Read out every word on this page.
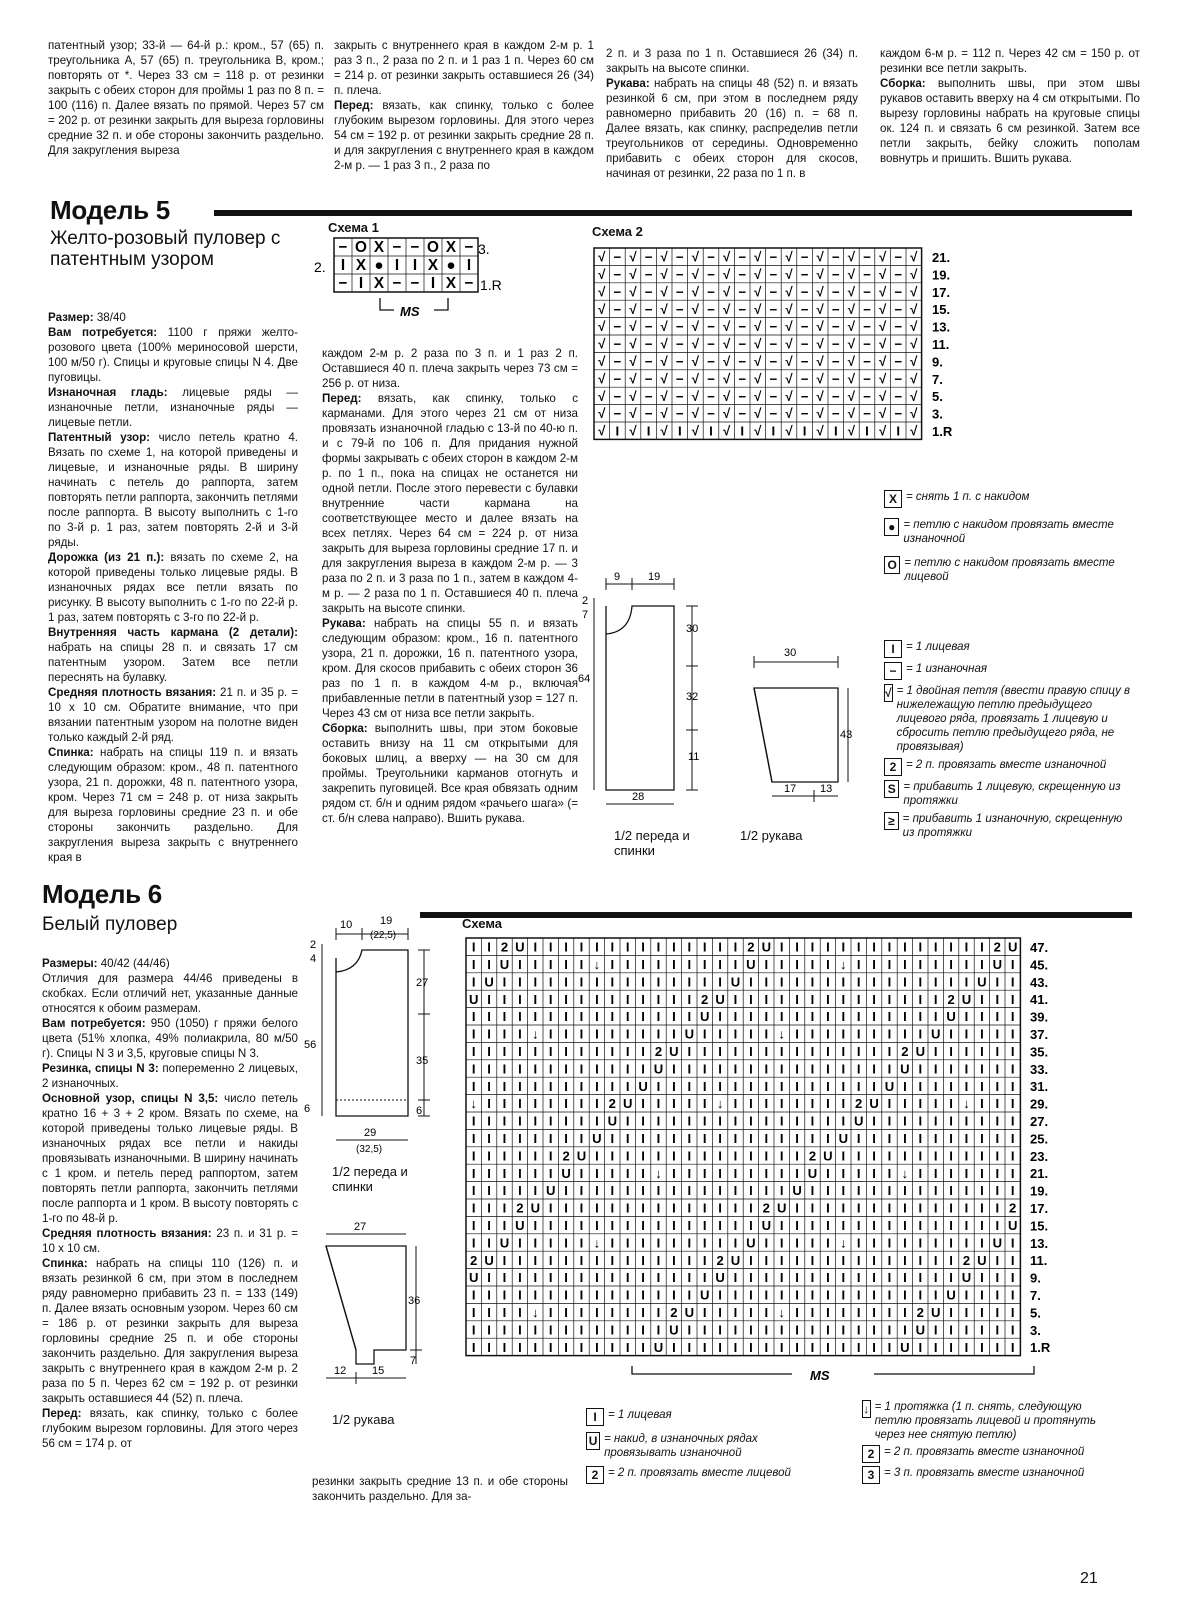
патентный узор; 33-й — 64-й р.: кром., 57 (65) п. треугольника А, 57 (65) п. треугольника В, кром.; повторять от *. Через 33 см = 118 р. от резинки закрыть с обеих сторон для проймы 1 раз по 8 п. = 100 (116) п. Далее вязать по прямой. Через 57 см = 202 р. от резинки закрыть для выреза горловины средние 32 п. и обе стороны закончить раздельно. Для закругления выреза

закрыть с внутреннего края в каждом 2-м р. 1 раз 3 п., 2 раза по 2 п. и 1 раз 1 п. Через 60 см = 214 р. от резинки закрыть оставшиеся 26 (34) п. плеча.

Перед: вязать, как спинку, только с более глубоким вырезом горловины. Для этого через 54 см = 192 р. от резинки закрыть средние 28 п. и для закругления с внутреннего края в каждом 2-м р. — 1 раз 3 п., 2 раза по

2 п. и 3 раза по 1 п. Оставшиеся 26 (34) п. закрыть на высоте спинки.

Рукава: набрать на спицы 48 (52) п. и вязать резинкой 6 см, при этом в последнем ряду равномерно прибавить 20 (16) п. = 68 п. Далее вязать, как спинку, распределив петли треугольников от середины. Одновременно прибавить с обеих сторон для скосов, начиная от резинки, 22 раза по 1 п. в

каждом 6-м р. = 112 п. Через 42 см = 150 р. от резинки все петли закрыть.

Сборка: выполнить швы, при этом швы рукавов оставить вверху на 4 см открытыми. По вырезу горловины набрать на круговые спицы ок. 124 п. и связать 6 см резинкой. Затем все петли закрыть, бейку сложить пополам вовнутрь и пришить. Вшить рукава.

Модель 5
Желто-розовый пуловер с патентным узором

Размер: 38/40

Вам потребуется: 1100 г пряжи желто-розового цвета (100% мериносовой шерсти, 100 м/50 г). Спицы и круговые спицы N 4. Две пуговицы.

Изнаночная гладь: лицевые ряды — изнаночные петли, изнаночные ряды — лицевые петли.

Патентный узор: число петель кратно 4. Вязать по схеме 1, на которой приведены и лицевые, и изнаночные ряды. В ширину начинать с петель до раппорта, затем повторять петли раппорта, закончить петлями после раппорта. В высоту выполнить с 1-го по 3-й р. 1 раз, затем повторять 2-й и 3-й ряды.

Дорожка (из 21 п.): вязать по схеме 2, на которой приведены только лицевые ряды. В изнаночных рядах все петли вязать по рисунку. В высоту выполнить с 1-го по 22-й р. 1 раз, затем повторять с 3-го по 22-й р.

Внутренняя часть кармана (2 детали): набрать на спицы 28 п. и связать 17 см патентным узором. Затем все петли переснять на булавку.

Средняя плотность вязания: 21 п. и 35 р. = 10 х 10 см. Обратите внимание, что при вязании патентным узором на полотне виден только каждый 2-й ряд.

Спинка: набрать на спицы 119 п. и вязать следующим образом: кром., 48 п. патентного узора, 21 п. дорожки, 48 п. патентного узора, кром. Через 71 см = 248 р. от низа закрыть для выреза горловины средние 23 п. и обе стороны закончить раздельно. Для закругления выреза закрыть с внутреннего края в

каждом 2-м р. 2 раза по 3 п. и 1 раз 2 п. Оставшиеся 40 п. плеча закрыть через 73 см = 256 р. от низа.

Перед: вязать, как спинку, только с карманами. Для этого через 21 см от низа провязать изнаночной гладью с 13-й по 40-ю п. и с 79-й по 106 п. Для придания нужной формы закрывать с обеих сторон в каждом 2-м р. по 1 п., пока на спицах не останется ни одной петли. После этого перевести с булавки внутренние части кармана на соответствующее место и далее вязать на всех петлях. Через 64 см = 224 р. от низа закрыть для выреза горловины средние 17 п. и для закругления выреза в каждом 2-м р. — 3 раза по 2 п. и 3 раза по 1 п., затем в каждом 4-м р. — 2 раза по 1 п. Оставшиеся 40 п. плеча закрыть на высоте спинки.

Рукава: набрать на спицы 55 п. и вязать следующим образом: кром., 16 п. патентного узора, 21 п. дорожки, 16 п. патентного узора, кром. Для скосов прибавить с обеих сторон 36 раз по 1 п. в каждом 4-м р., включая прибавленные петли в патентный узор = 127 п. Через 43 см от низа все петли закрыть.

Сборка: выполнить швы, при этом боковые оставить внизу на 11 см открытыми для боковых шлиц, а вверху — на 30 см для проймы. Треугольники карманов отогнуть и закрепить пуговицей. Все края обвязать одним рядом ст. б/н и одним рядом «рачьего шага» (= ст. б/н слева направо). Вшить рукава.

Схема 1
− O X − − O X −
I X ● I I X ● I
− I X − − I X −
3.
2.
1.R
MS
Схема 2
√ − √ − √ − √ − √ − √ − √ − √ − √ − √ − √
√ − √ − √ − √ − √ − √ − √ − √ − √ − √ − √
√ − √ − √ − √ − √ − √ − √ − √ − √ − √ − √
√ − √ − √ − √ − √ − √ − √ − √ − √ − √ − √
√ − √ − √ − √ − √ − √ − √ − √ − √ − √ − √
√ − √ − √ − √ − √ − √ − √ − √ − √ − √ − √
√ − √ − √ − √ − √ − √ − √ − √ − √ − √ − √
√ − √ − √ − √ − √ − √ − √ − √ − √ − √ − √
√ − √ − √ − √ − √ − √ − √ − √ − √ − √ − √
√ − √ − √ − √ − √ − √ − √ − √ − √ − √ − √
√ I √ I √ I √ I √ I √ I √ I √ I √ I √ I √
21.
19.
17.
15.
13.
11.
9.
7.
5.
3.
1.R
X = снять 1 п. с накидом
● = петлю с накидом провязать вместе изнаночной
O = петлю с накидом провязать вместе лицевой
I = 1 лицевая
− = 1 изнаночная
√ = 1 двойная петля (ввести правую спицу в нижележащую петлю предыдущего лицевого ряда, провязать 1 лицевую и сбросить петлю предыдущего ряда, не провязывая)
2 = 2 п. провязать вместе изнаночной
S = прибавить 1 лицевую, скрещенную из протяжки
≥ = прибавить 1 изнаночную, скрещенную из протяжки
9	19
2
7
64
30
32
11
28
30
43
17 13
1/2 переда и спинки
1/2 рукава
Модель 6
Белый пуловер

Размеры: 40/42 (44/46)

Отличия для размера 44/46 приведены в скобках. Если отличий нет, указанные данные относятся к обоим размерам.

Вам потребуется: 950 (1050) г пряжи белого цвета (51% хлопка, 49% полиакрила, 80 м/50 г). Спицы N 3 и 3,5, круговые спицы N 3.

Резинка, спицы N 3: попеременно 2 лицевых, 2 изнаночных.

Основной узор, спицы N 3,5: число петель кратно 16 + 3 + 2 кром. Вязать по схеме, на которой приведены только лицевые ряды. В изнаночных рядах все петли и накиды провязывать изнаночными. В ширину начинать с 1 кром. и петель перед раппортом, затем повторять петли раппорта, закончить петлями после раппорта и 1 кром. В высоту повторять с 1-го по 48-й р.

Средняя плотность вязания: 23 п. и 31 р. = 10 х 10 см.

Спинка: набрать на спицы 110 (126) п. и вязать резинкой 6 см, при этом в последнем ряду равномерно прибавить 23 п. = 133 (149) п. Далее вязать основным узором. Через 60 см = 186 р. от резинки закрыть для выреза горловины средние 25 п. и обе стороны закончить раздельно. Для закругления выреза закрыть с внутреннего края в каждом 2-м р. 2 раза по 5 п. Через 62 см = 192 р. от резинки закрыть оставшиеся 44 (52) п. плеча.

Перед: вязать, как спинку, только с более глубоким вырезом горловины. Для этого через 56 см = 174 р. от

резинки закрыть средние 13 п. и обе стороны закончить раздельно. Для за-

10	19
(22,5)
2
4
56
6
27
35
6
29
(32,5)
1/2 переда и спинки
27
36
7
12 15
1/2 рукава
Схема
I I 2 U I I I I I I I I I I I I I I 2 U I I I I I I I I I I I I I I 2 U
I I U I I I I I ↓ I I I I I I I I I U I I I I I ↓ I I I I I I I I I U I
I U I I I I I I I I I I I I I I I U I I I I I I I I I I I I I I I U I I
U I I I I I I I I I I I I I I 2 U I I I I I I I I I I I I I I 2 U I I I
I I I I I I I I I I I I I I I U I I I I I I I I I I I I I I I U I I I I
I I I I ↓ I I I I I I I I I U I I I I I ↓ I I I I I I I I I U I I I I I
I I I I I I I I I I I I 2 U I I I I I I I I I I I I I I 2 U I I I I I I
I I I I I I I I I I I I U I I I I I I I I I I I I I I I U I I I I I I I
I I I I I I I I I I I U I I I I I I I I I I I I I I I U I I I I I I I I
↓ I I I I I I I I 2 U I I I I I ↓ I I I I I I I I 2 U I I I I I ↓ I I I
I I I I I I I I I U I I I I I I I I I I I I I I I U I I I I I I I I I I
I I I I I I I I U I I I I I I I I I I I I I I I U I I I I I I I I I I I
I I I I I I 2 U I I I I I I I I I I I I I I 2 U I I I I I I I I I I I I
I I I I I I U I I I I I ↓ I I I I I I I I I U I I I I I ↓ I I I I I I I
I I I I I U I I I I I I I I I I I I I I I U I I I I I I I I I I I I I I
I I I 2 U I I I I I I I I I I I I I I 2 U I I I I I I I I I I I I I I 2
I I I U I I I I I I I I I I I I I I I U I I I I I I I I I I I I I I I U
I I U I I I I I ↓ I I I I I I I I I U I I I I I ↓ I I I I I I I I I U I
2 U I I I I I I I I I I I I I I 2 U I I I I I I I I I I I I I I 2 U I I
U I I I I I I I I I I I I I I I U I I I I I I I I I I I I I I I U I I I
I I I I I I I I I I I I I I I U I I I I I I I I I I I I I I I U I I I I
I I I I ↓ I I I I I I I I 2 U I I I I I ↓ I I I I I I I I 2 U I I I I I
I I I I I I I I I I I I I U I I I I I I I I I I I I I I I U I I I I I I
I I I I I I I I I I I I U I I I I I I I I I I I I I I I U I I I I I I I
47.
45.
43.
41.
39.
37.
35.
33.
31.
29.
27.
25.
23.
21.
19.
17.
15.
13.
11.
9.
7.
5.
3.
1.R
MS
I = 1 лицевая
U = накид, в изнаночных рядах провязывать изнаночной
2 = 2 п. провязать вместе лицевой
↓ = 1 протяжка (1 п. снять, следующую петлю провязать лицевой и протянуть через нее снятую петлю)
2 = 2 п. провязать вместе изнаночной
3 = 3 п. провязать вместе изнаночной
21
